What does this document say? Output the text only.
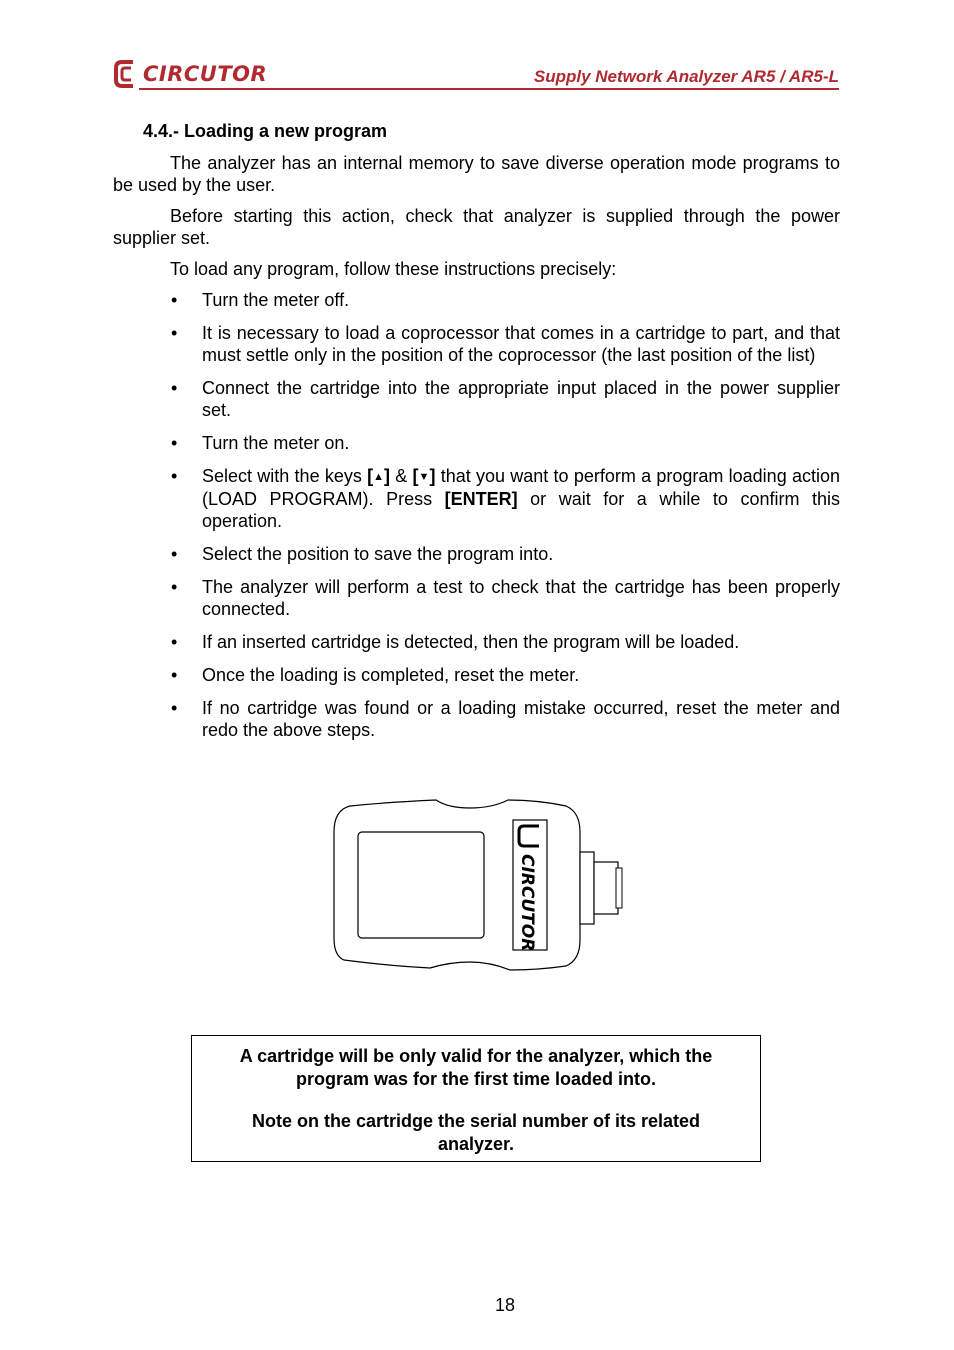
CIRCUTOR	Supply Network Analyzer AR5 / AR5-L
4.4.- Loading a new program

The analyzer has an internal memory to save diverse operation mode programs to be used by the user.

Before starting this action, check that analyzer is supplied through the power supplier set.

To load any program, follow these instructions precisely:

• Turn the meter off.
• It is necessary to load a coprocessor that comes in a cartridge to part, and that must settle only in the position of the coprocessor (the last position of the list)
• Connect the cartridge into the appropriate input placed in the power supplier set.
• Turn the meter on.
• Select with the keys [▲] & [▼] that you want to perform a program loading action (LOAD PROGRAM). Press [ENTER] or wait for a while to confirm this operation.
• Select the position to save the program into.
• The analyzer will perform a test to check that the cartridge has been properly connected.
• If an inserted cartridge is detected, then the program will be loaded.
• Once the loading is completed, reset the meter.
• If no cartridge was found or a loading mistake occurred, reset the meter and redo the above steps.
CIRCUTOR
A cartridge will be only valid for the analyzer, which the program was for the first time loaded into.
Note on the cartridge the serial number of its related analyzer.
18
